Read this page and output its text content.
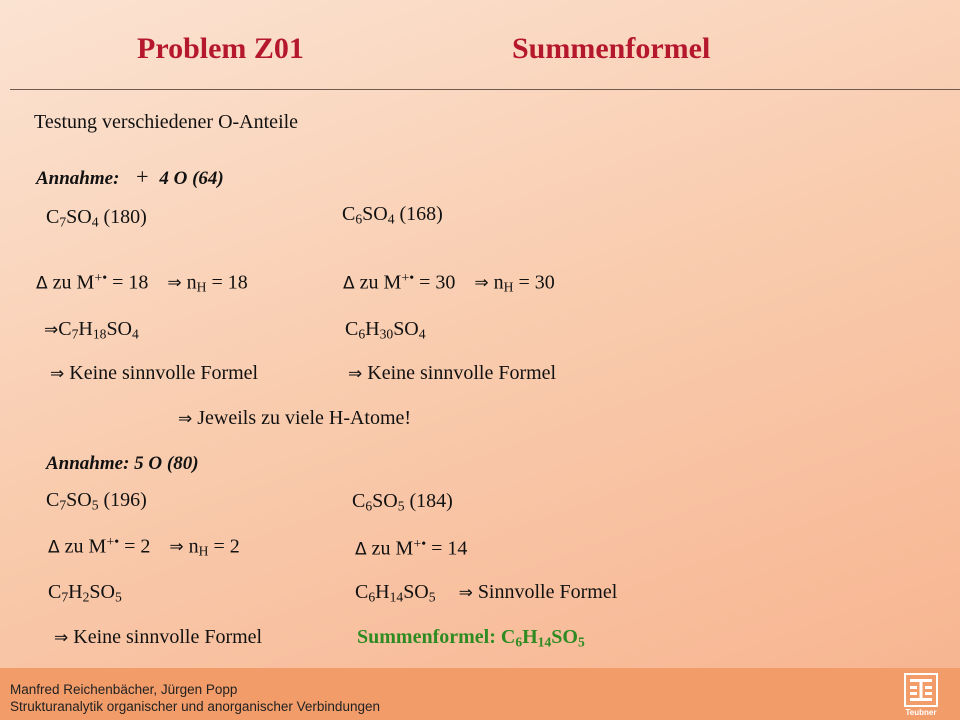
Problem Z01	Summenformel
Testung verschiedener O-Anteile
Annahme: + 4 O (64)
$C_7SO_4$ (180)	$C_6SO_4$ (168)
Δ zu M+• = 18 ⇒ $n_H = 18$	Δ zu M+• = 30 ⇒ $n_H = 30$
$\Rightarrow C_7H_{18}SO_4$	$C_6H_{30}SO_4$
⇒ Keine sinnvolle Formel	⇒ Keine sinnvolle Formel
⇒ Jeweils zu viele H-Atome!
Annahme: 5 O (80)
$C_7SO_5$ (196)	$C_6SO_5$ (184)
Δ zu M+• = 2 ⇒ $n_H = 2$	Δ zu M+• = 14
$C_7H_2SO_5$	$C_6H_{14}SO_5$ ⇒ Sinnvolle Formel
⇒ Keine sinnvolle Formel	Summenformel: $C_6H_{14}SO_5$
Manfred Reichenbächer, Jürgen Popp
Strukturanalytik organischer und anorganischer Verbindungen	Teubner
